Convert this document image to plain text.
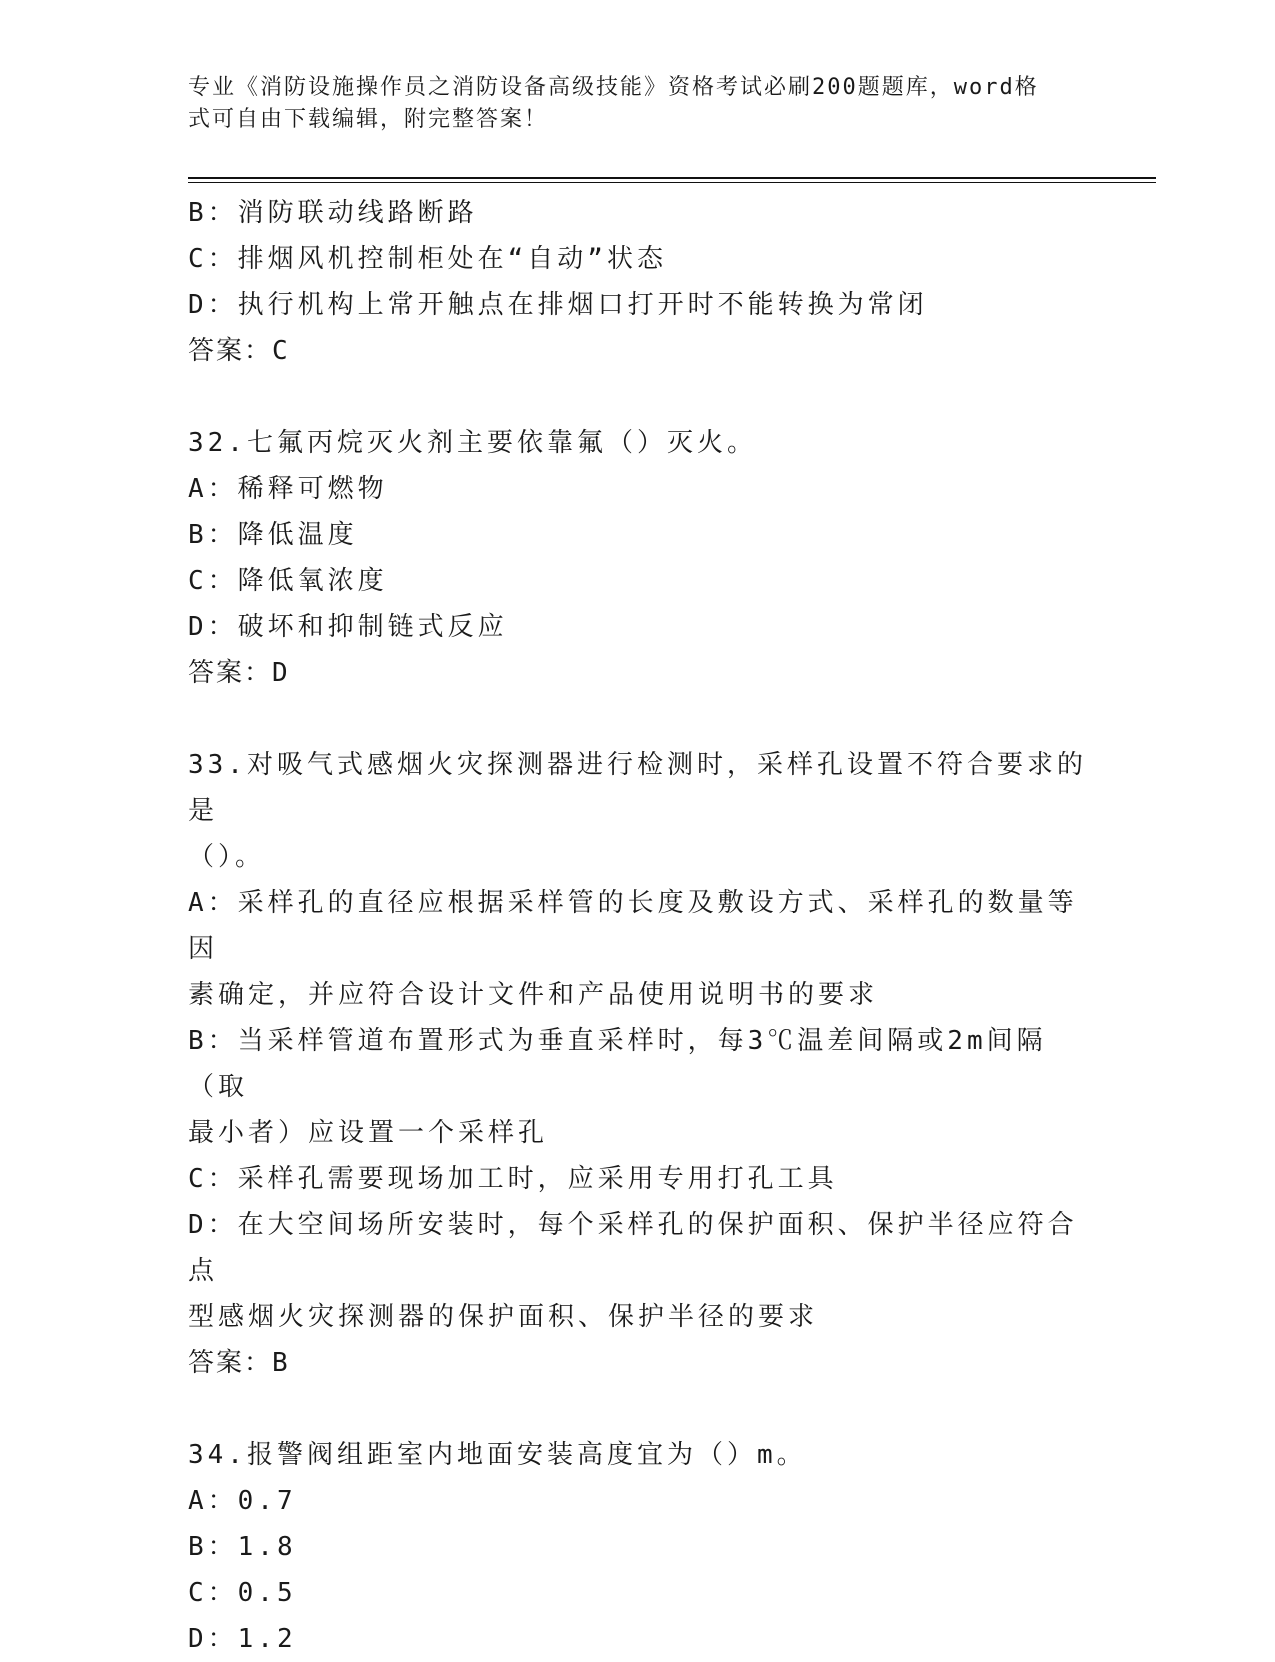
专业《消防设施操作员之消防设备高级技能》资格考试必刷200题题库，word格
式可自由下载编辑，附完整答案！
B：消防联动线路断路
C：排烟风机控制柜处在“自动”状态
D：执行机构上常开触点在排烟口打开时不能转换为常闭
答案：C
32.七氟丙烷灭火剂主要依靠氟（）灭火。
A：稀释可燃物
B：降低温度
C：降低氧浓度
D：破坏和抑制链式反应
答案：D
33.对吸气式感烟火灾探测器进行检测时，采样孔设置不符合要求的是
（）。
A：采样孔的直径应根据采样管的长度及敷设方式、采样孔的数量等因
素确定，并应符合设计文件和产品使用说明书的要求
B：当采样管道布置形式为垂直采样时，每3℃温差间隔或2m间隔（取
最小者）应设置一个采样孔
C：采样孔需要现场加工时，应采用专用打孔工具
D：在大空间场所安装时，每个采样孔的保护面积、保护半径应符合点
型感烟火灾探测器的保护面积、保护半径的要求
答案：B
34.报警阀组距室内地面安装高度宜为（）m。
A：0.7
B：1.8
C：0.5
D：1.2
